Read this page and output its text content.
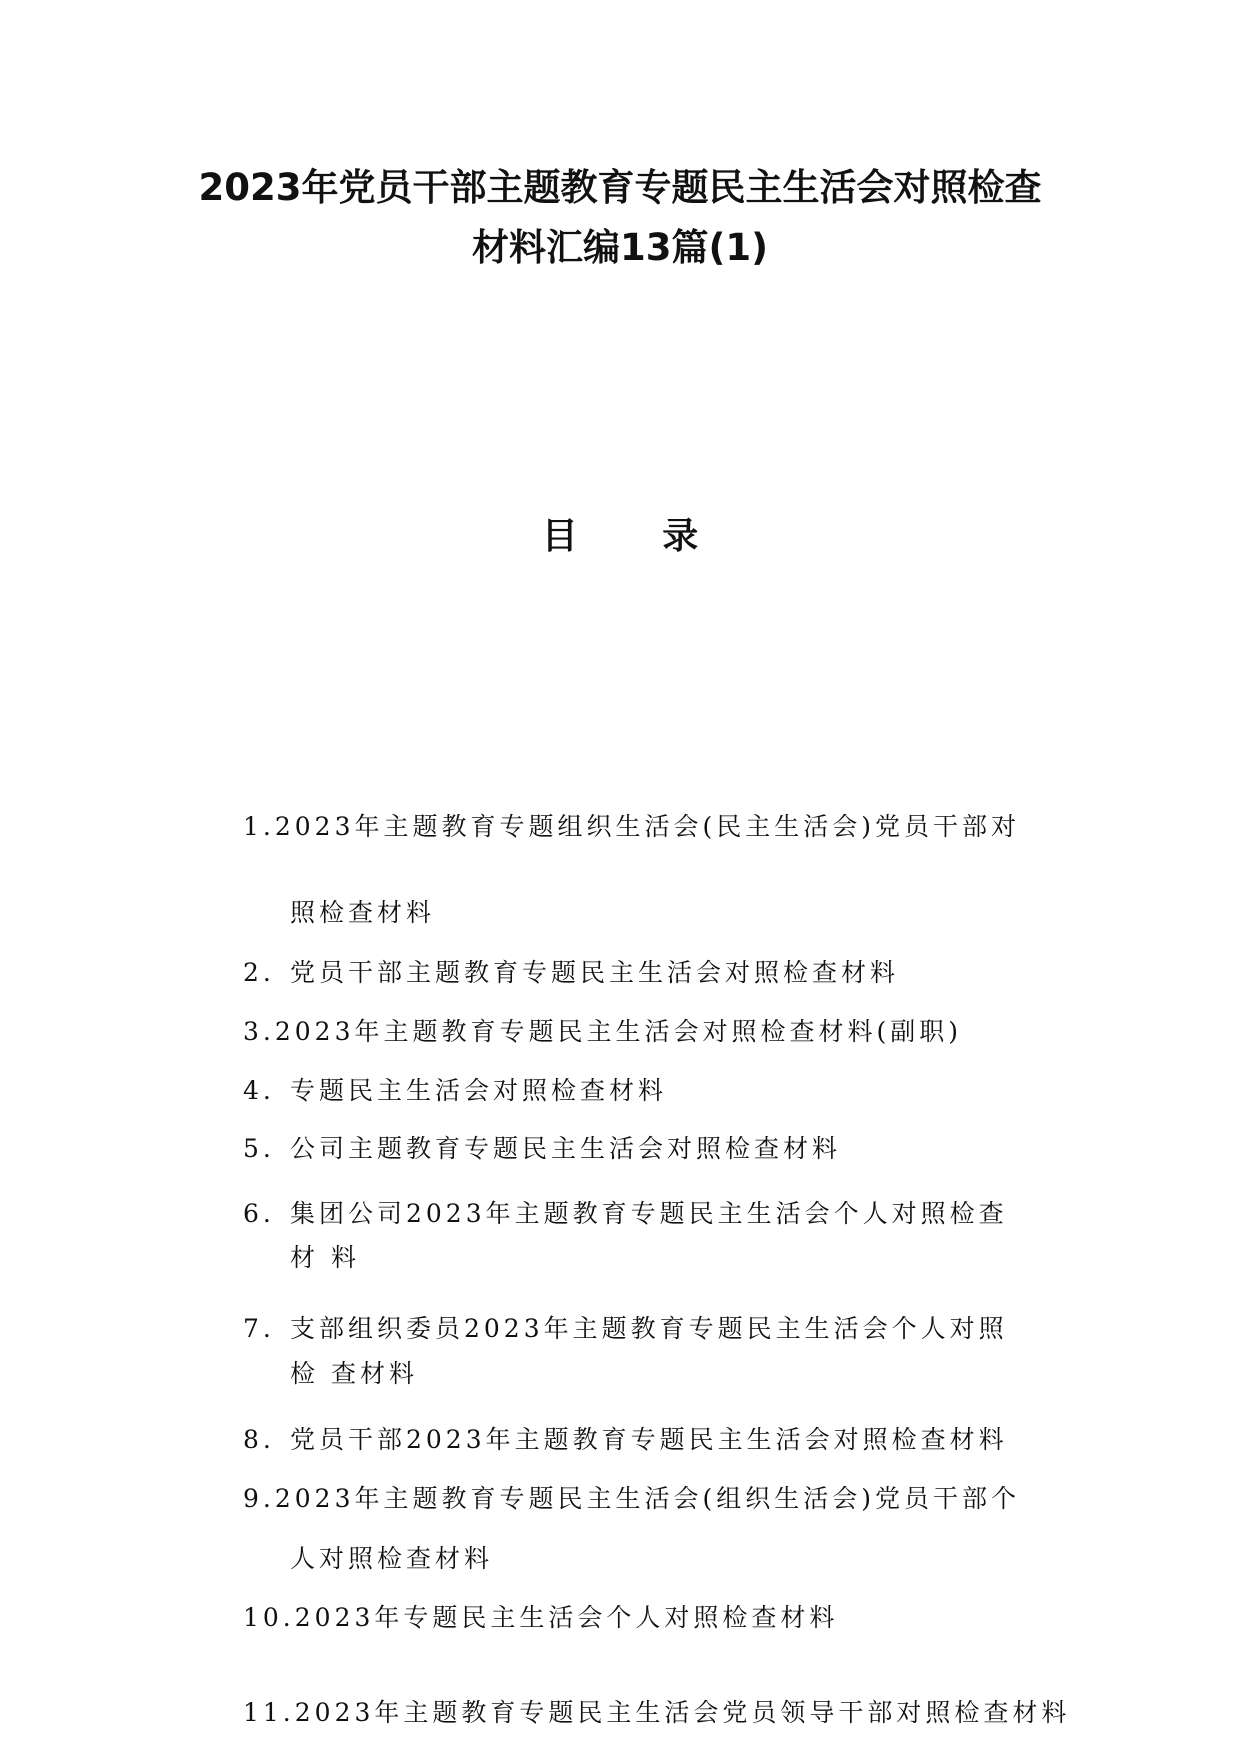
2023年党员干部主题教育专题民主生活会对照检查
材料汇编13篇(1)
目 录
1.2023年主题教育专题组织生活会(民主生活会)党员干部对
照检查材料
2. 党员干部主题教育专题民主生活会对照检查材料
3.2023年主题教育专题民主生活会对照检查材料(副职)
4. 专题民主生活会对照检查材料
5. 公司主题教育专题民主生活会对照检查材料
6. 集团公司2023年主题教育专题民主生活会个人对照检查
材 料
7. 支部组织委员2023年主题教育专题民主生活会个人对照
检 查材料
8. 党员干部2023年主题教育专题民主生活会对照检查材料
9.2023年主题教育专题民主生活会(组织生活会)党员干部个
人对照检查材料
10.2023年专题民主生活会个人对照检查材料
11.2023年主题教育专题民主生活会党员领导干部对照检查材料
